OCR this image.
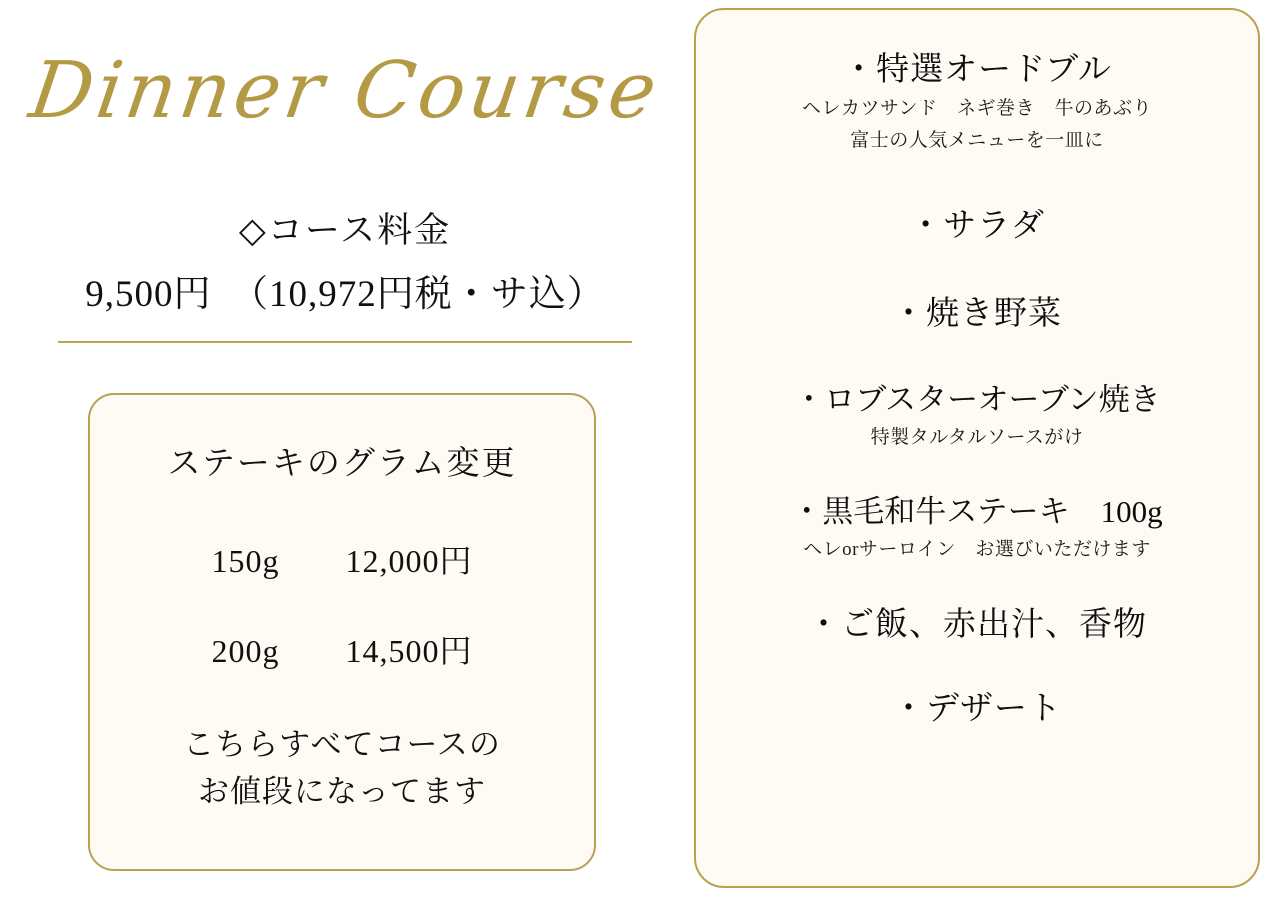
Dinner Course
◇コース料金
9,500円　（10,972円税・サ込）
ステーキのグラム変更
150g　　12,000円
200g　　14,500円
こちらすべてコースの
お値段になってます
・特選オードブル
ヘレカツサンド　ネギ巻き　牛のあぶり
富士の人気メニューを一皿に
・サラダ
・焼き野菜
・ロブスターオーブン焼き
特製タルタルソースがけ
・黒毛和牛ステーキ　100g
ヘレorサーロイン　お選びいただけます
・ご飯、赤出汁、香物
・デザート
